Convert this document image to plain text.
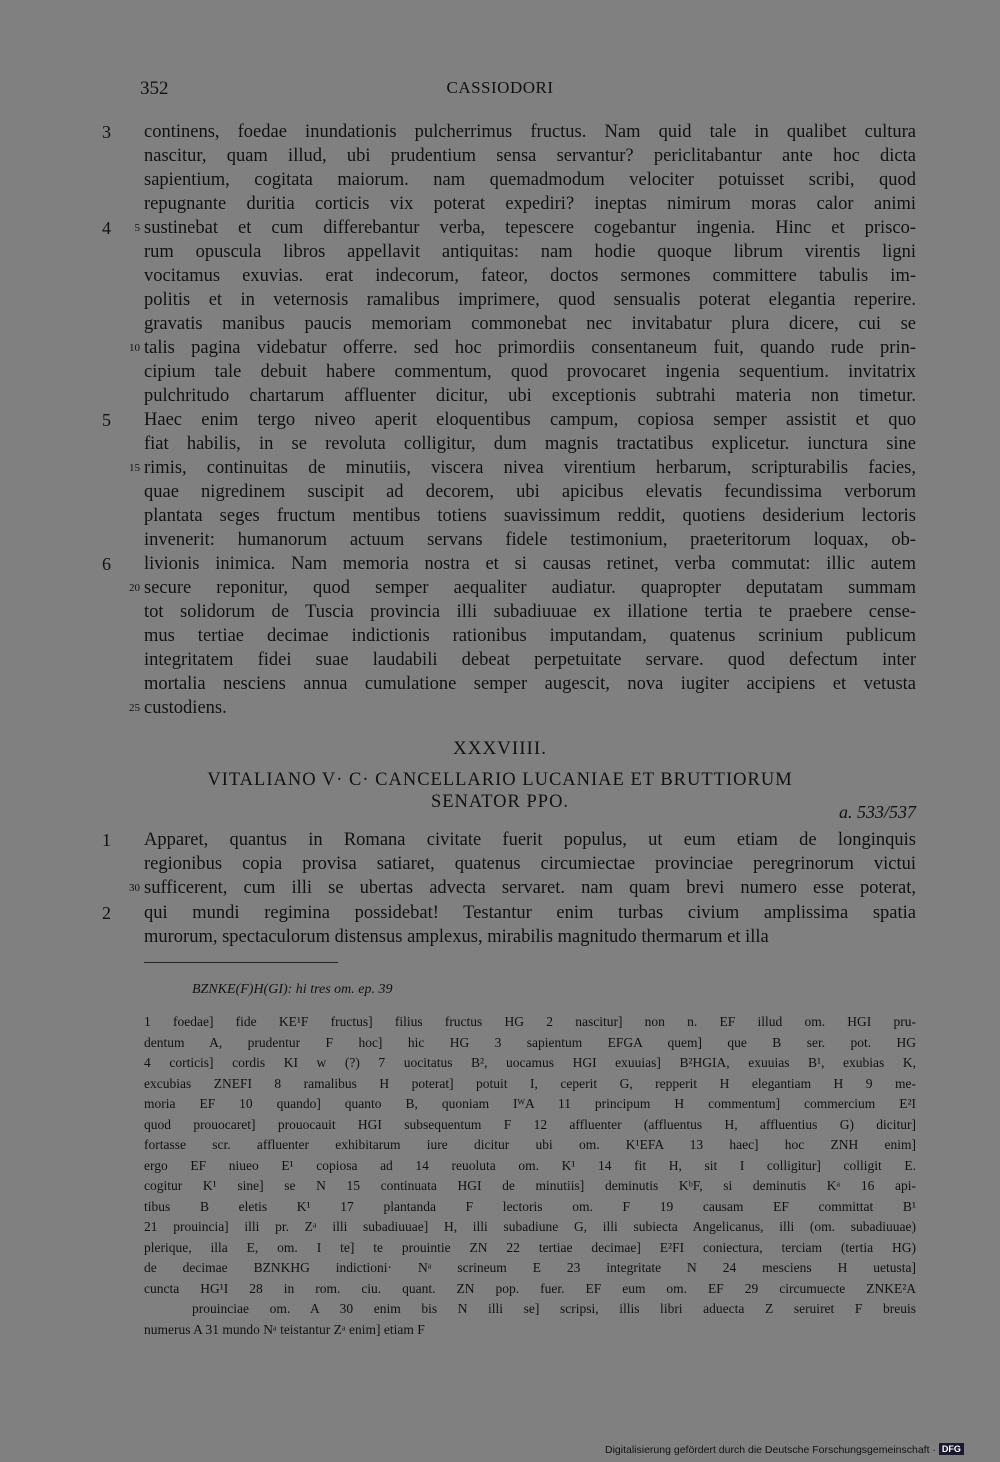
352	CASSIODORI
3	continens, foedae inundationis pulcherrimus fructus. Nam quid tale in qualibet cultura
nascitur, quam illud, ubi prudentium sensa servantur? periclitabantur ante hoc dicta
sapientium, cogitata maiorum. nam quemadmodum velociter potuisset scribi, quod
repugnante duritia corticis vix poterat expediri? ineptas nimirum moras calor animi
4	5 sustinebat et cum differebantur verba, tepescere cogebantur ingenia. Hinc et prisco-
rum opuscula libros appellavit antiquitas: nam hodie quoque librum virentis ligni
vocitamus exuvias. erat indecorum, fateor, doctos sermones committere tabulis im-
politis et in veternosis ramalibus imprimere, quod sensualis poterat elegantia reperire.
gravatis manibus paucis memoriam commonebat nec invitabatur plura dicere, cui se
10 talis pagina videbatur offerre. sed hoc primordiis consentaneum fuit, quando rude prin-
cipium tale debuit habere commentum, quod provocaret ingenia sequentium. invitatrix
pulchritudo chartarum affluenter dicitur, ubi exceptionis subtrahi materia non timetur.
5	Haec enim tergo niveo aperit eloquentibus campum, copiosa semper assistit et quo
fiat habilis, in se revoluta colligitur, dum magnis tractatibus explicetur. iunctura sine
15 rimis, continuitas de minutiis, viscera nivea virentium herbarum, scripturabilis facies,
quae nigredinem suscipit ad decorem, ubi apicibus elevatis fecundissima verborum
plantata seges fructum mentibus totiens suavissimum reddit, quotiens desiderium lectoris
invenerit: humanorum actuum servans fidele testimonium, praeteritorum loquax, ob-
6	livionis inimica. Nam memoria nostra et si causas retinet, verba commutat: illic autem
20 secure reponitur, quod semper aequaliter audiatur. quapropter deputatam summam
tot solidorum de Tuscia provincia illi subadiuuae ex illatione tertia te praebere cense-
mus tertiae decimae indictionis rationibus imputandam, quatenus scrinium publicum
integritatem fidei suae laudabili debeat perpetuitate servare. quod defectum inter
mortalia nesciens annua cumulatione semper augescit, nova iugiter accipiens et vetusta
25 custodiens.
XXXVIIII.
VITALIANO V· C· CANCELLARIO LUCANIAE ET BRUTTIORUM
SENATOR PPO.	a. 533/537
1	Apparet, quantus in Romana civitate fuerit populus, ut eum etiam de longinquis
regionibus copia provisa satiaret, quatenus circumiectae provinciae peregrinorum victui
30 sufficerent, cum illi se ubertas advecta servaret. nam quam brevi numero esse poterat,
2	qui mundi regimina possidebat! Testantur enim turbas civium amplissima spatia
murorum, spectaculorum distensus amplexus, mirabilis magnitudo thermarum et illa
BZNKE(F)H(GI): hi tres om. ep. 39
1 foedae] fide KE¹F fructus] filius fructus HG 2 nascitur] non n. EF illud om. HGI pru-
dentum A, prudentur F hoc] hic HG 3 sapientum EFGA quem] que B ser. pot. HG
4 corticis] cordis KI w (?) 7 uocitatus B², uocamus HGI exuuias] B²HGIA, exuuias B¹, exubias K,
excubias ZNEFI 8 ramalibus H poterat] potuit I, ceperit G, repperit H elegantiam H 9 me-
moria EF 10 quando] quanto B, quoniam IᵂA 11 principum H commentum] commercium E²I
quod prouocaret] prouocauit HGI subsequentum F 12 affluenter (affluentus H, affluentius G) dicitur]
fortasse scr. affluenter exhibitarum iure dicitur ubi om. K¹EFA 13 haec] hoc ZNH enim]
ergo EF niueo E¹ copiosa ad 14 reuoluta om. K¹ 14 fit H, sit I colligitur] colligit E.
cogitur K¹ sine] se N 15 continuata HGI de minutiis] deminutis KᵇF, si deminutis Kᵃ 16 api-
tibus B eletis K¹ 17 plantanda F lectoris om. F 19 causam EF committat B¹
21 prouincia] illi pr. Zᵃ illi subadiuuae] H, illi subadiune G, illi subiecta Angelicanus, illi (om. subadiuuae)
plerique, illa E, om. I te] te prouintie ZN 22 tertiae decimae] E²FI coniectura, terciam (tertia HG)
de decimae BZNKHG indictioni· Nᵃ scrineum E 23 integritate N 24 mesciens H uetusta]
cuncta HG¹I 28 in rom. ciu. quant. ZN pop. fuer. EF eum om. EF 29 circumuecte ZNKE²A
prouinciae om. A 30 enim bis N illi se] scripsi, illis libri aduecta Z seruiret F breuis
numerus A 31 mundo Nᵃ teistantur Zᵃ enim] etiam F
Digitalisierung gefördert durch die Deutsche Forschungsgemeinschaft · DFG
